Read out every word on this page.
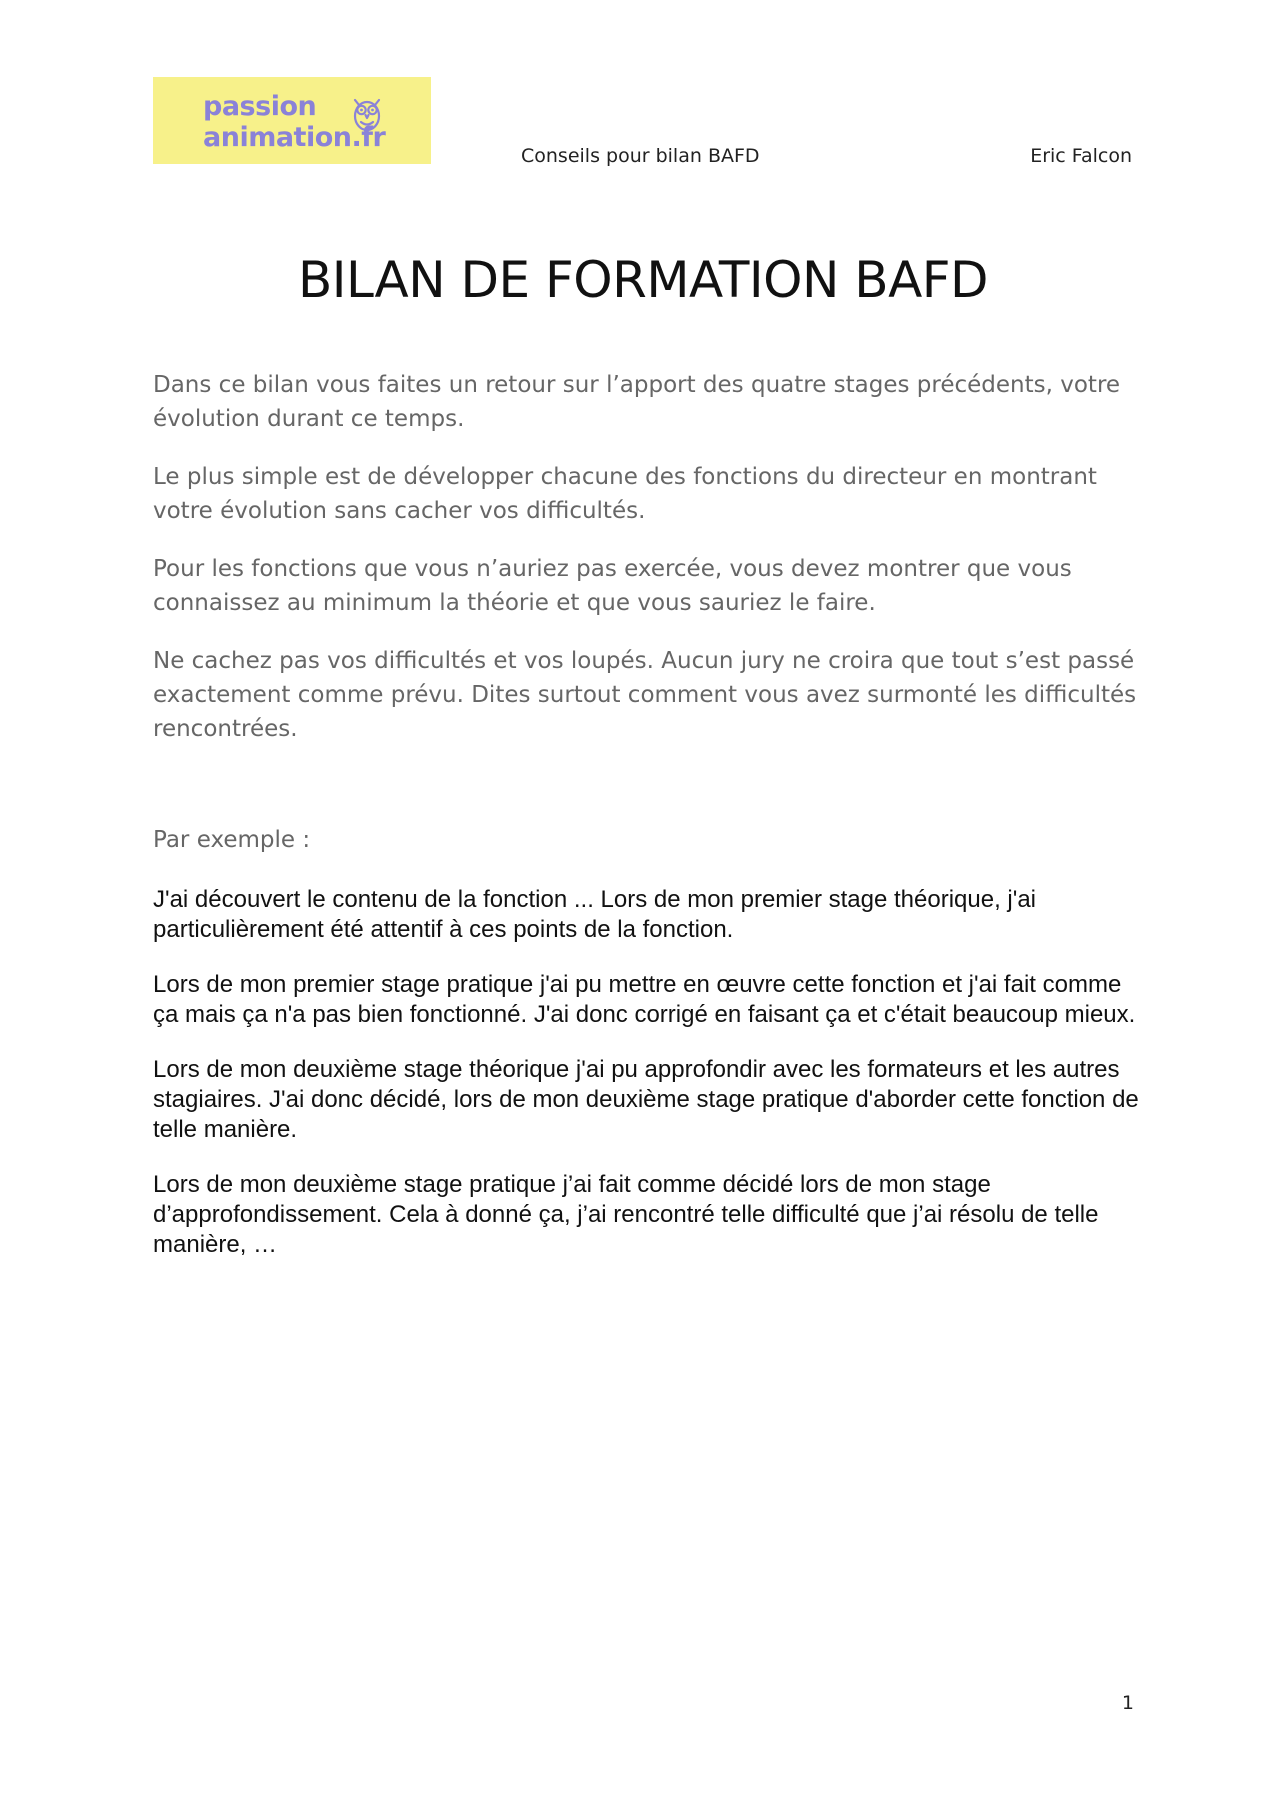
passion
animation.fr
Conseils pour bilan BAFD	Eric Falcon
BILAN DE FORMATION BAFD

Dans ce bilan vous faites un retour sur l’apport des quatre stages précédents, votre évolution durant ce temps.

Le plus simple est de développer chacune des fonctions du directeur en montrant votre évolution sans cacher vos difficultés.

Pour les fonctions que vous n’auriez pas exercée, vous devez montrer que vous connaissez au minimum la théorie et que vous sauriez le faire.

Ne cachez pas vos difficultés et vos loupés. Aucun jury ne croira que tout s’est passé exactement comme prévu. Dites surtout comment vous avez surmonté les difficultés rencontrées.

Par exemple :

J'ai découvert le contenu de la fonction ... Lors de mon premier stage théorique, j'ai particulièrement été attentif à ces points de la fonction.

Lors de mon premier stage pratique j'ai pu mettre en œuvre cette fonction et j'ai fait comme ça mais ça n'a pas bien fonctionné. J'ai donc corrigé en faisant ça et c'était beaucoup mieux.

Lors de mon deuxième stage théorique j'ai pu approfondir avec les formateurs et les autres stagiaires. J'ai donc décidé, lors de mon deuxième stage pratique d'aborder cette fonction de telle manière.

Lors de mon deuxième stage pratique j’ai fait comme décidé lors de mon stage d’approfondissement. Cela à donné ça, j’ai rencontré telle difficulté que j’ai résolu de telle manière, …

1
